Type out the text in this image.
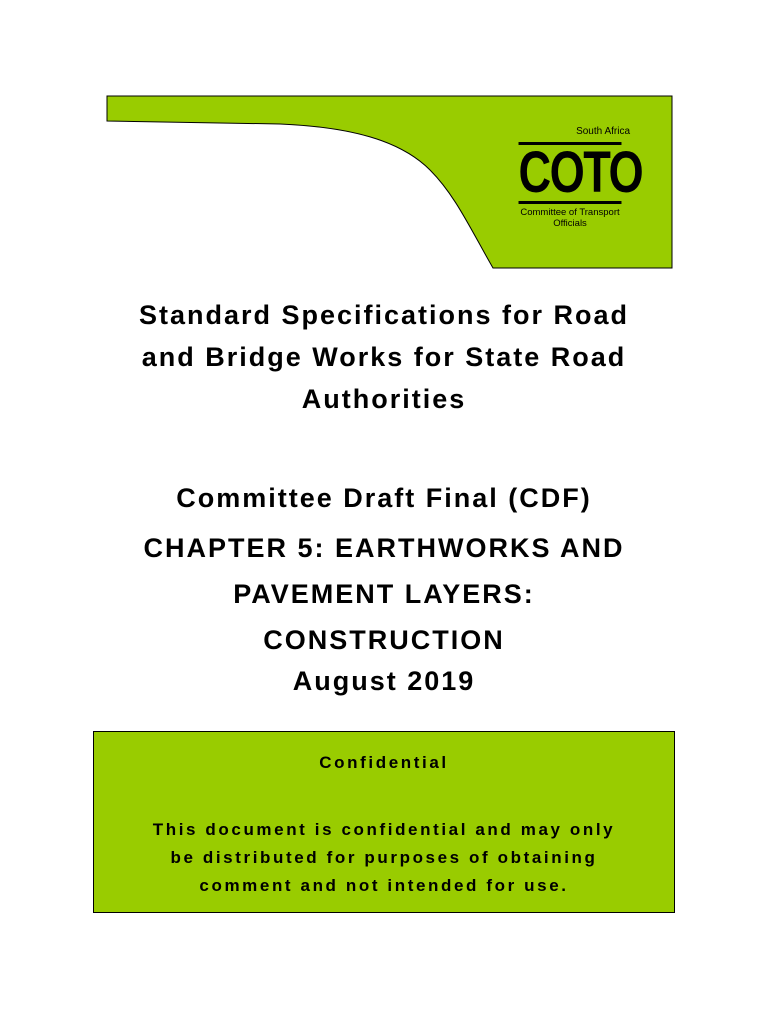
South Africa
COTO
Committee of Transport Officials
Standard Specifications for Road
and Bridge Works for State Road
Authorities
Committee Draft Final (CDF)
CHAPTER 5: EARTHWORKS AND
PAVEMENT LAYERS:
CONSTRUCTION
August 2019
Confidential
This document is confidential and may only
be distributed for purposes of obtaining
comment and not intended for use.
